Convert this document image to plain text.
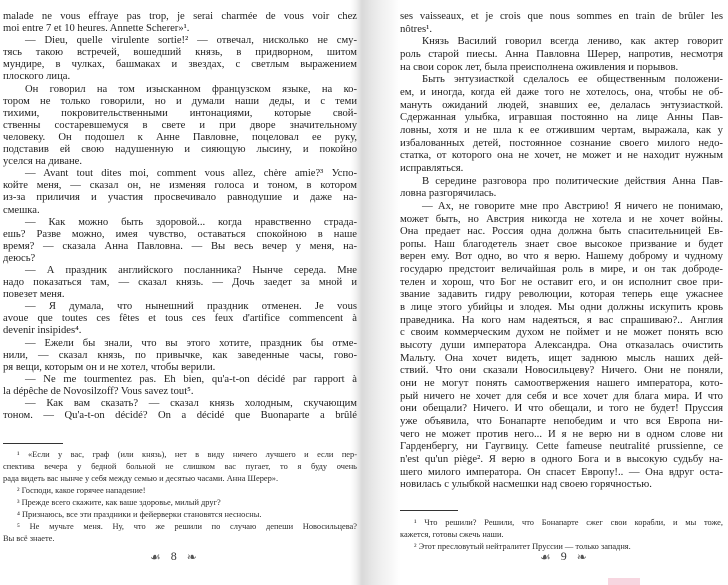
malade ne vous effraye pas trop, je serai charmée de vous voir chez
moi entre 7 et 10 heures. Annette Scherer»¹.
— Dieu, quelle virulente sortie!² — отвечал, нисколько не сму-
тясь такою встречей, вошедший князь, в придворном, шитом
мундире, в чулках, башмаках и звездах, с светлым выражением
плоского лица.
Он говорил на том изысканном французском языке, на ко-
тором не только говорили, но и думали наши деды, и с теми
тихими, покровительственными интонациями, которые свой-
ственны состаревшемуся в свете и при дворе значительному
человеку. Он подошел к Анне Павловне, поцеловал ее руку,
подставив ей свою надушенную и сияющую лысину, и покойно
уселся на диване.
— Avant tout dites moi, comment vous allez, chère amie?³ Успо-
койте меня, — сказал он, не изменяя голоса и тоном, в котором
из-за приличия и участия просвечивало равнодушие и даже на-
смешка.
— Как можно быть здоровой... когда нравственно страда-
ешь? Разве можно, имея чувство, оставаться спокойною в наше
время? — сказала Анна Павловна. — Вы весь вечер у меня, на-
деюсь?
— А праздник английского посланника? Нынче середа. Мне
надо показаться там, — сказал князь. — Дочь заедет за мной и
повезет меня.
— Я думала, что нынешний праздник отменен. Je vous
avoue que toutes ces fêtes et tous ces feux d'artifice commencent à
devenir insipides⁴.
— Ежели бы знали, что вы этого хотите, праздник бы отме-
нили, — сказал князь, по привычке, как заведенные часы, гово-
ря вещи, которым он и не хотел, чтобы верили.
— Ne me tourmentez pas. Eh bien, qu'a-t-on décidé par rapport à
la dépêche de Novosilzoff? Vous savez tout⁵.
— Как вам сказать? — сказал князь холодным, скучающим
тоном. — Qu'a-t-on décidé? On a décidé que Buonaparte a brûlé
¹ «Если у вас, граф (или князь), нет в виду ничего лучшего и если пер-
спектива вечера у бедной больной не слишком вас пугает, то я буду очень
рада видеть вас нынче у себя между семью и десятью часами. Анна Шерер».
² Господи, какое горячее нападение!
³ Прежде всего скажите, как ваше здоровье, милый друг?
⁴ Признаюсь, все эти праздники и фейерверки становятся несносны.
⁵ Не мучьте меня. Ну, что же решили по случаю депеши Новосильцева?
Вы всё знаете.
☙ 8 ❧
ses vaisseaux, et je crois que nous sommes en train de brûler les
nôtres¹.
Князь Василий говорил всегда лениво, как актер говорит
роль старой пиесы. Анна Павловна Шерер, напротив, несмотря
на свои сорок лет, была преисполнена оживления и порывов.
Быть энтузиасткой сделалось ее общественным положени-
ем, и иногда, когда ей даже того не хотелось, она, чтобы не об-
мануть ожиданий людей, знавших ее, делалась энтузиасткой.
Сдержанная улыбка, игравшая постоянно на лице Анны Пав-
ловны, хотя и не шла к ее отжившим чертам, выражала, как у
избалованных детей, постоянное сознание своего милого недо-
статка, от которого она не хочет, не может и не находит нужным
исправляться.
В середине разговора про политические действия Анна Пав-
ловна разгорячилась.
— Ах, не говорите мне про Австрию! Я ничего не понимаю,
может быть, но Австрия никогда не хотела и не хочет войны.
Она предает нас. Россия одна должна быть спасительницей Ев-
ропы. Наш благодетель знает свое высокое призвание и будет
верен ему. Вот одно, во что я верю. Нашему доброму и чудному
государю предстоит величайшая роль в мире, и он так доброде-
телен и хорош, что Бог не оставит его, и он исполнит свое при-
звание задавить гидру революции, которая теперь еще ужаснее
в лице этого убийцы и злодея. Мы одни должны искупить кровь
праведника. На кого нам надеяться, я вас спрашиваю?.. Англия
с своим коммерческим духом не поймет и не может понять всю
высоту души императора Александра. Она отказалась очистить
Мальту. Она хочет видеть, ищет заднюю мысль наших дей-
ствий. Что они сказали Новосильцеву? Ничего. Они не поняли,
они не могут понять самоотвержения нашего императора, кото-
рый ничего не хочет для себя и все хочет для блага мира. И что
они обещали? Ничего. И что обещали, и того не будет! Пруссия
уже объявила, что Бонапарте непобедим и что вся Европа ни-
чего не может против него... И я не верю ни в одном слове ни
Гарденбергу, ни Гаугвицу. Cette fameuse neutralité prussienne, ce
n'est qu'un piège². Я верю в одного Бога и в высокую судьбу на-
шего милого императора. Он спасет Европу!.. — Она вдруг оста-
новилась с улыбкой насмешки над своею горячностью.
¹ Что решили? Решили, что Бонапарте сжег свои корабли, и мы тоже,
кажется, готовы сжечь наши.
² Этот пресловутый нейтралитет Пруссии — только западня.
☙ 9 ❧
